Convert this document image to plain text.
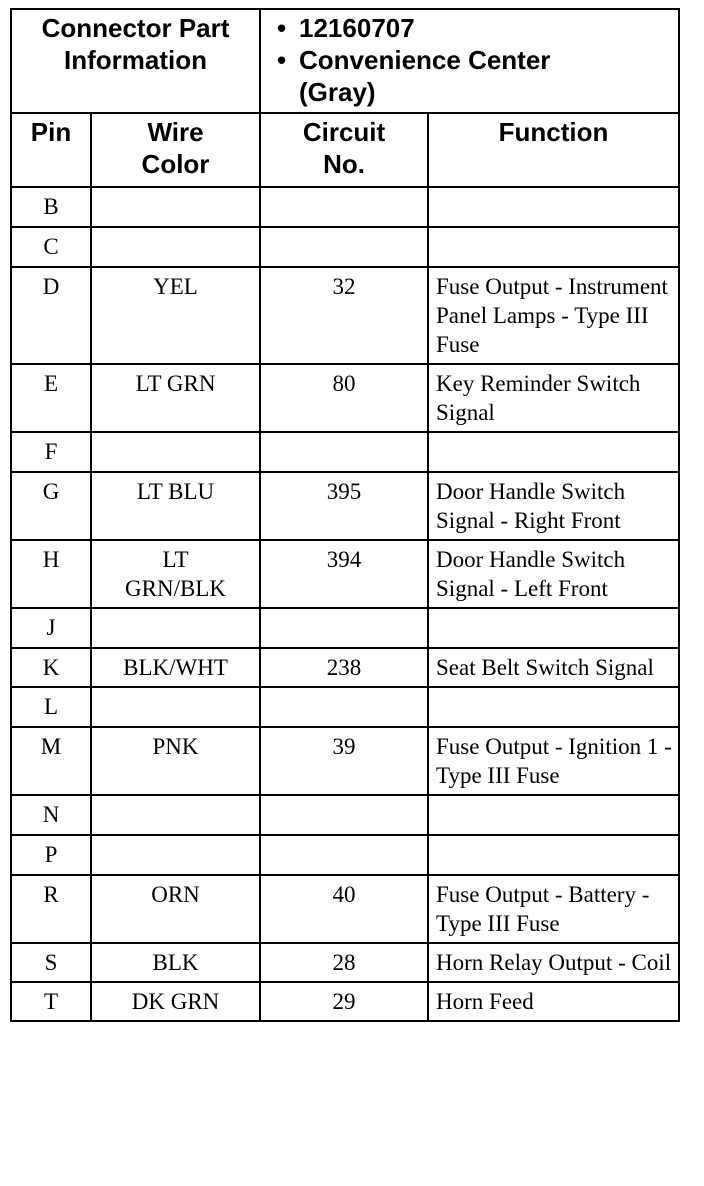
Connector Part Information		• 12160707
• Convenience Center
(Gray)

Pin	Wire Color	Circuit No.	Function
B			
C			
D	YEL	32	Fuse Output - Instrument Panel Lamps - Type III Fuse
E	LT GRN	80	Key Reminder Switch Signal
F			
G	LT BLU	395	Door Handle Switch Signal - Right Front
H	LT GRN/BLK	394	Door Handle Switch Signal - Left Front
J			
K	BLK/WHT	238	Seat Belt Switch Signal
L			
M	PNK	39	Fuse Output - Ignition 1 - Type III Fuse
N			
P			
R	ORN	40	Fuse Output - Battery - Type III Fuse
S	BLK	28	Horn Relay Output - Coil
T	DK GRN	29	Horn Feed
